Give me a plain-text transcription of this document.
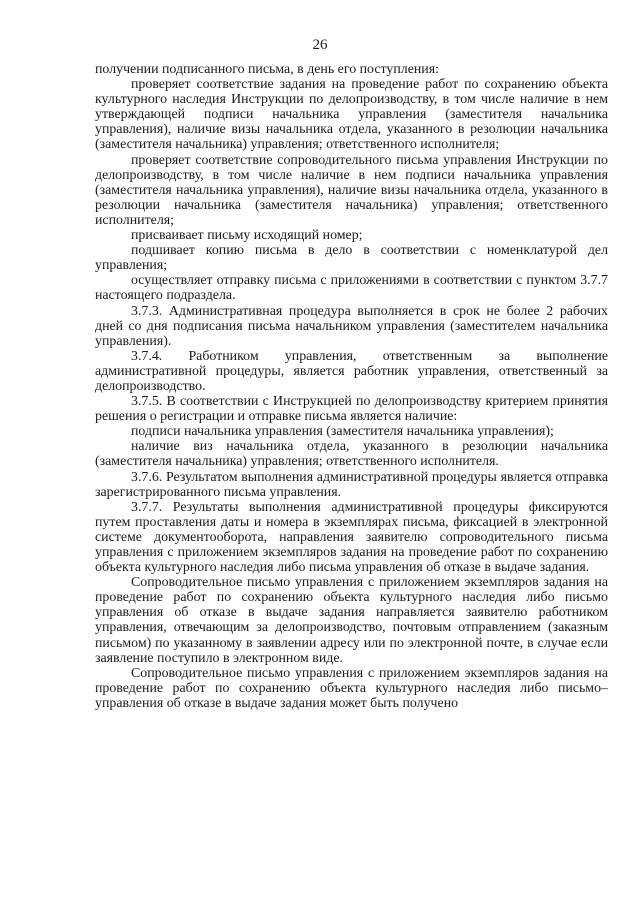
26

получении подписанного письма, в день его поступления:

проверяет соответствие задания на проведение работ по сохранению объекта культурного наследия Инструкции по делопроизводству, в том числе наличие в нем утверждающей подписи начальника управления (заместителя начальника управления), наличие визы начальника отдела, указанного в резолюции начальника (заместителя начальника) управления; ответственного исполнителя;

проверяет соответствие сопроводительного письма управления Инструкции по делопроизводству, в том числе наличие в нем подписи начальника управления (заместителя начальника управления), наличие визы начальника отдела, указанного в резолюции начальника (заместителя начальника) управления; ответственного исполнителя;

присваивает письму исходящий номер;

подшивает копию письма в дело в соответствии с номенклатурой дел управления;

осуществляет отправку письма с приложениями в соответствии с пунктом 3.7.7 настоящего подраздела.

3.7.3. Административная процедура выполняется в срок не более 2 рабочих дней со дня подписания письма начальником управления (заместителем начальника управления).

3.7.4. Работником управления, ответственным за выполнение административной процедуры, является работник управления, ответственный за делопроизводство.

3.7.5. В соответствии с Инструкцией по делопроизводству критерием принятия решения о регистрации и отправке письма является наличие:

подписи начальника управления (заместителя начальника управления);

наличие виз начальника отдела, указанного в резолюции начальника (заместителя начальника) управления; ответственного исполнителя.

3.7.6. Результатом выполнения административной процедуры является отправка зарегистрированного письма управления.

3.7.7. Результаты выполнения административной процедуры фиксируются путем проставления даты и номера в экземплярах письма, фиксацией в электронной системе документооборота, направления заявителю сопроводительного письма управления с приложением экземпляров задания на проведение работ по сохранению объекта культурного наследия либо письма управления об отказе в выдаче задания.

Сопроводительное письмо управления с приложением экземпляров задания на проведение работ по сохранению объекта культурного наследия либо письмо управления об отказе в выдаче задания направляется заявителю работником управления, отвечающим за делопроизводство, почтовым отправлением (заказным письмом) по указанному в заявлении адресу или по электронной почте, в случае если заявление поступило в электронном виде.

Сопроводительное письмо управления с приложением экземпляров задания на проведение работ по сохранению объекта культурного наследия либо письмо–управления об отказе в выдаче задания может быть получено
